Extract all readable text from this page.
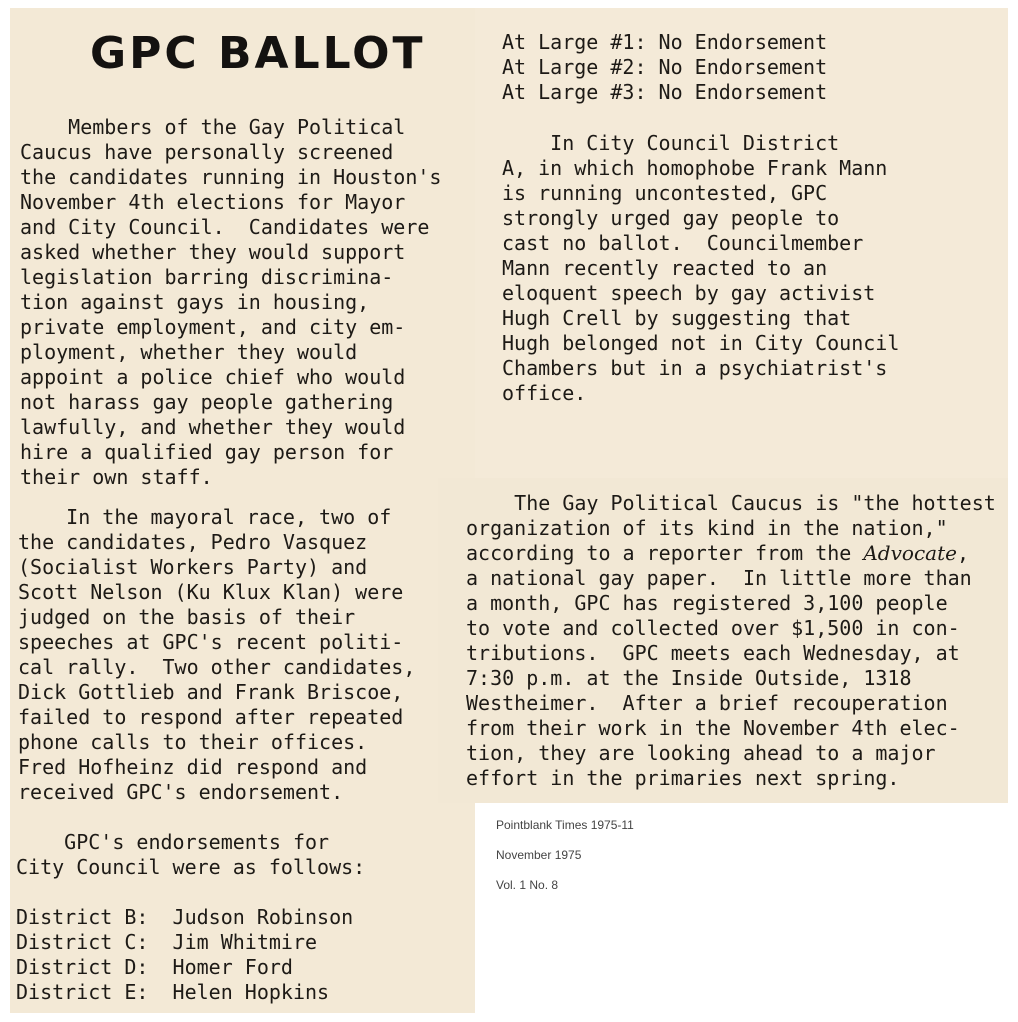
GPC BALLOT

Members of the Gay Political
Caucus have personally screened
the candidates running in Houston's
November 4th elections for Mayor
and City Council.  Candidates were
asked whether they would support
legislation barring discrimina-
tion against gays in housing,
private employment, and city em-
ployment, whether they would
appoint a police chief who would
not harass gay people gathering
lawfully, and whether they would
hire a qualified gay person for
their own staff.

In the mayoral race, two of
the candidates, Pedro Vasquez
(Socialist Workers Party) and
Scott Nelson (Ku Klux Klan) were
judged on the basis of their
speeches at GPC's recent politi-
cal rally.  Two other candidates,
Dick Gottlieb and Frank Briscoe,
failed to respond after repeated
phone calls to their offices.
Fred Hofheinz did respond and
received GPC's endorsement.

GPC's endorsements for
City Council were as follows:

District B:  Judson Robinson
District C:  Jim Whitmire
District D:  Homer Ford
District E:  Helen Hopkins
At Large #1: No Endorsement
At Large #2: No Endorsement
At Large #3: No Endorsement

In City Council District
A, in which homophobe Frank Mann
is running uncontested, GPC
strongly urged gay people to
cast no ballot.  Councilmember
Mann recently reacted to an
eloquent speech by gay activist
Hugh Crell by suggesting that
Hugh belonged not in City Council
Chambers but in a psychiatrist's
office.

The Gay Political Caucus is "the hottest
organization of its kind in the nation,"
according to a reporter from the Advocate,
a national gay paper.  In little more than
a month, GPC has registered 3,100 people
to vote and collected over $1,500 in con-
tributions.  GPC meets each Wednesday, at
7:30 p.m. at the Inside Outside, 1318
Westheimer.  After a brief recouperation
from their work in the November 4th elec-
tion, they are looking ahead to a major
effort in the primaries next spring.

Pointblank Times 1975-11

November 1975

Vol. 1 No. 8
